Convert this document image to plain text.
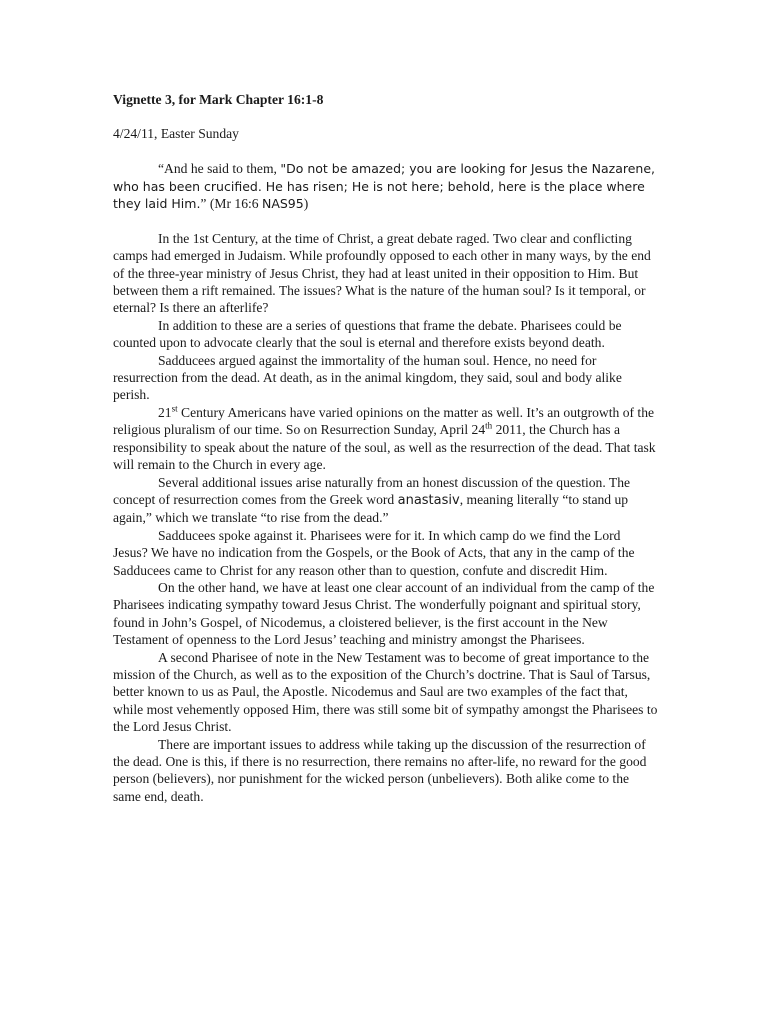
Vignette 3, for Mark Chapter 16:1-8
4/24/11, Easter Sunday

“And he said to them, "Do not be amazed; you are looking for Jesus the Nazarene, who has been crucified. He has risen; He is not here; behold, here is the place where they laid Him.” (Mr 16:6 NAS95)

In the 1st Century, at the time of Christ, a great debate raged. Two clear and conflicting camps had emerged in Judaism. While profoundly opposed to each other in many ways, by the end of the three-year ministry of Jesus Christ, they had at least united in their opposition to Him. But between them a rift remained. The issues? What is the nature of the human soul? Is it temporal, or eternal? Is there an afterlife?

In addition to these are a series of questions that frame the debate. Pharisees could be counted upon to advocate clearly that the soul is eternal and therefore exists beyond death.

Sadducees argued against the immortality of the human soul. Hence, no need for resurrection from the dead. At death, as in the animal kingdom, they said, soul and body alike perish.

21st Century Americans have varied opinions on the matter as well. It’s an outgrowth of the religious pluralism of our time. So on Resurrection Sunday, April 24th 2011, the Church has a responsibility to speak about the nature of the soul, as well as the resurrection of the dead. That task will remain to the Church in every age.

Several additional issues arise naturally from an honest discussion of the question. The concept of resurrection comes from the Greek word anastasiv, meaning literally “to stand up again,” which we translate “to rise from the dead.”

Sadducees spoke against it. Pharisees were for it. In which camp do we find the Lord Jesus? We have no indication from the Gospels, or the Book of Acts, that any in the camp of the Sadducees came to Christ for any reason other than to question, confute and discredit Him.

On the other hand, we have at least one clear account of an individual from the camp of the Pharisees indicating sympathy toward Jesus Christ. The wonderfully poignant and spiritual story, found in John’s Gospel, of Nicodemus, a cloistered believer, is the first account in the New Testament of openness to the Lord Jesus’ teaching and ministry amongst the Pharisees.

A second Pharisee of note in the New Testament was to become of great importance to the mission of the Church, as well as to the exposition of the Church’s doctrine. That is Saul of Tarsus, better known to us as Paul, the Apostle. Nicodemus and Saul are two examples of the fact that, while most vehemently opposed Him, there was still some bit of sympathy amongst the Pharisees to the Lord Jesus Christ.

There are important issues to address while taking up the discussion of the resurrection of the dead. One is this, if there is no resurrection, there remains no after-life, no reward for the good person (believers), nor punishment for the wicked person (unbelievers). Both alike come to the same end, death.
